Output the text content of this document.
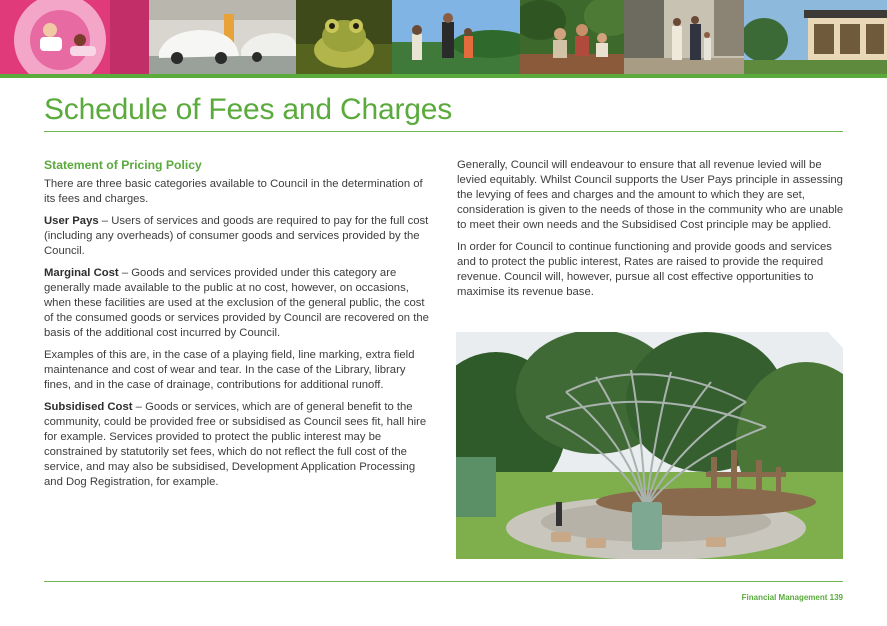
Schedule of Fees and Charges
Statement of Pricing Policy

There are three basic categories available to Council in the determination of its fees and charges.

User Pays – Users of services and goods are required to pay for the full cost (including any overheads) of consumer goods and services provided by the Council.

Marginal Cost – Goods and services provided under this category are generally made available to the public at no cost, however, on occasions, when these facilities are used at the exclusion of the general public, the cost of the consumed goods or services provided by Council are recovered on the basis of the additional cost incurred by Council.

Examples of this are, in the case of a playing field, line marking, extra field maintenance and cost of wear and tear. In the case of the Library, library fines, and in the case of drainage, contributions for additional runoff.

Subsidised Cost – Goods or services, which are of general benefit to the community, could be provided free or subsidised as Council sees fit, hall hire for example. Services provided to protect the public interest may be constrained by statutorily set fees, which do not reflect the full cost of the service, and may also be subsidised, Development Application Processing and Dog Registration, for example.

Generally, Council will endeavour to ensure that all revenue levied will be levied equitably. Whilst Council supports the User Pays principle in assessing the levying of fees and charges and the amount to which they are set, consideration is given to the needs of those in the community who are unable to meet their own needs and the Subsidised Cost principle may be applied.

In order for Council to continue functioning and provide goods and services and to protect the public interest, Rates are raised to provide the required revenue. Council will, however, pursue all cost effective opportunities to maximise its revenue base.

Financial Management 139
